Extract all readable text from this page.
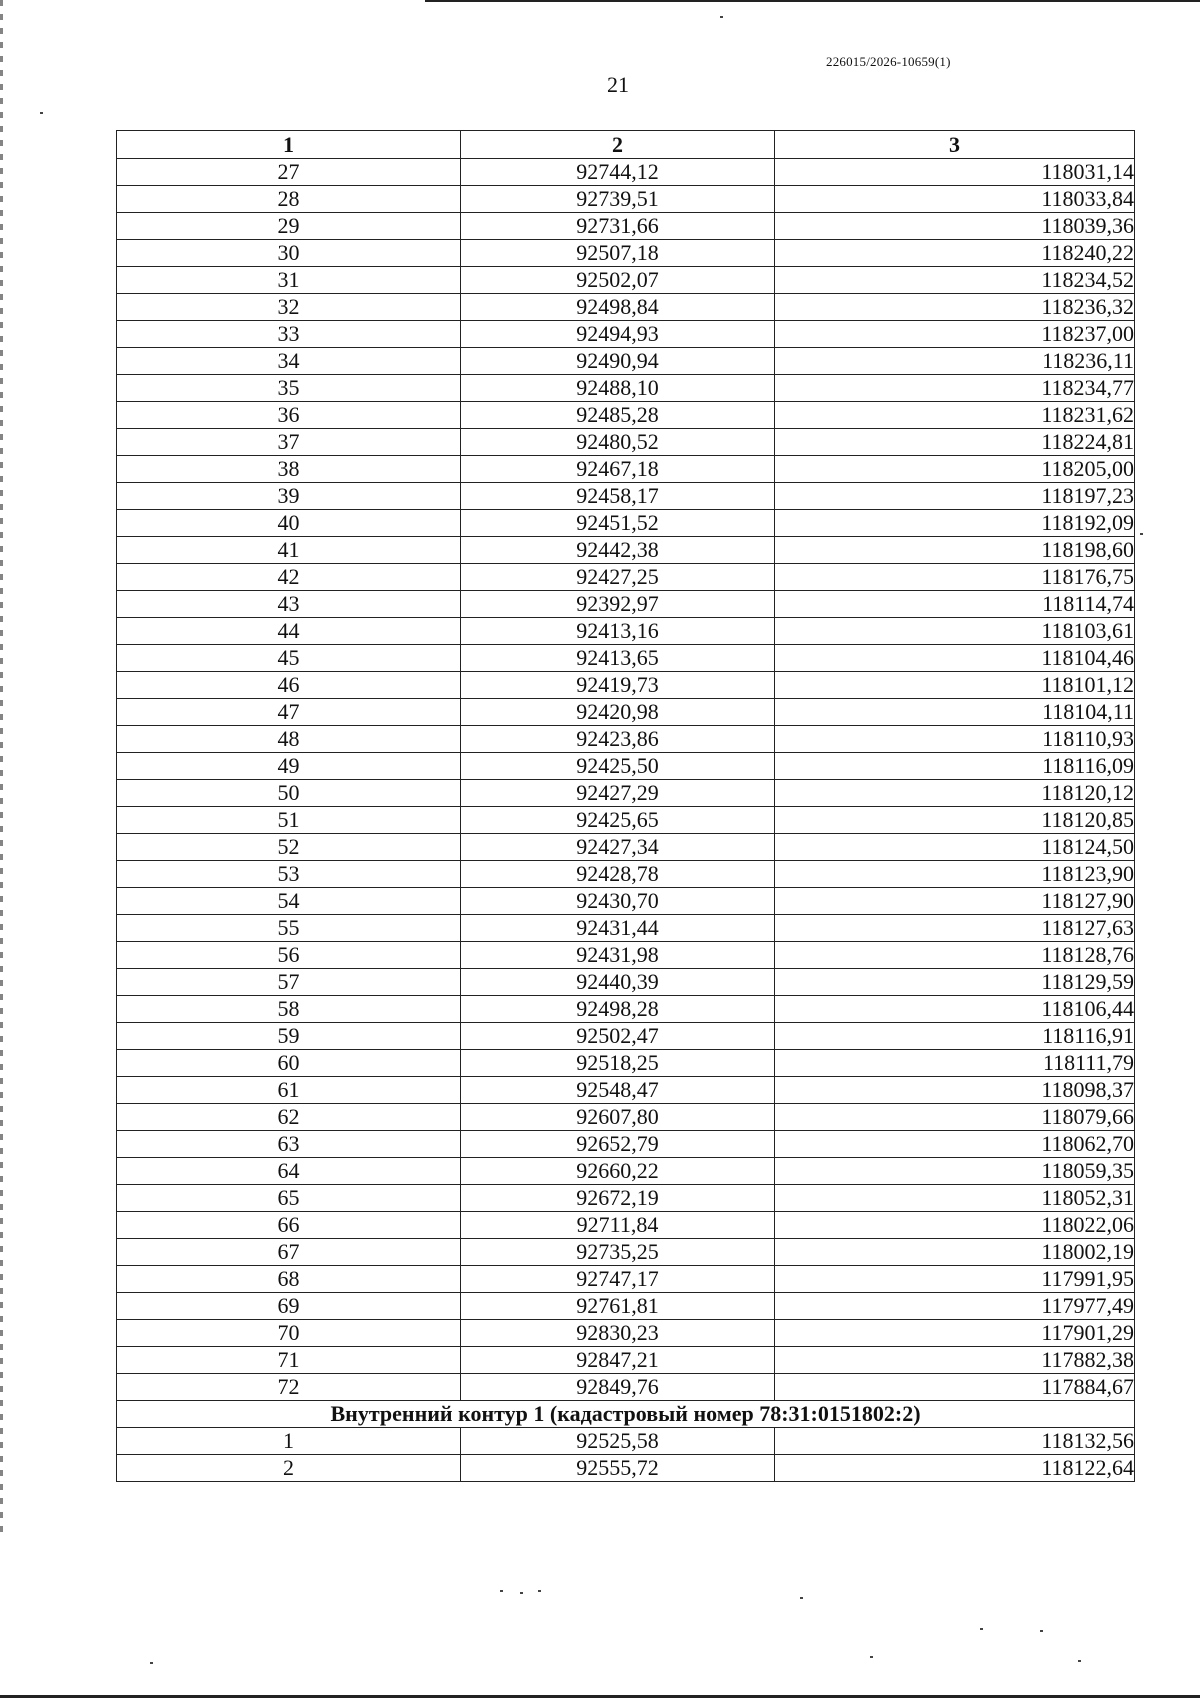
226015/2026-10659(1)
21
1	2	3
27	92744,12	118031,14
28	92739,51	118033,84
29	92731,66	118039,36
30	92507,18	118240,22
31	92502,07	118234,52
32	92498,84	118236,32
33	92494,93	118237,00
34	92490,94	118236,11
35	92488,10	118234,77
36	92485,28	118231,62
37	92480,52	118224,81
38	92467,18	118205,00
39	92458,17	118197,23
40	92451,52	118192,09
41	92442,38	118198,60
42	92427,25	118176,75
43	92392,97	118114,74
44	92413,16	118103,61
45	92413,65	118104,46
46	92419,73	118101,12
47	92420,98	118104,11
48	92423,86	118110,93
49	92425,50	118116,09
50	92427,29	118120,12
51	92425,65	118120,85
52	92427,34	118124,50
53	92428,78	118123,90
54	92430,70	118127,90
55	92431,44	118127,63
56	92431,98	118128,76
57	92440,39	118129,59
58	92498,28	118106,44
59	92502,47	118116,91
60	92518,25	118111,79
61	92548,47	118098,37
62	92607,80	118079,66
63	92652,79	118062,70
64	92660,22	118059,35
65	92672,19	118052,31
66	92711,84	118022,06
67	92735,25	118002,19
68	92747,17	117991,95
69	92761,81	117977,49
70	92830,23	117901,29
71	92847,21	117882,38
72	92849,76	117884,67
Внутренний контур 1 (кадастровый номер 78:31:0151802:2)		
1	92525,58	118132,56
2	92555,72	118122,64
